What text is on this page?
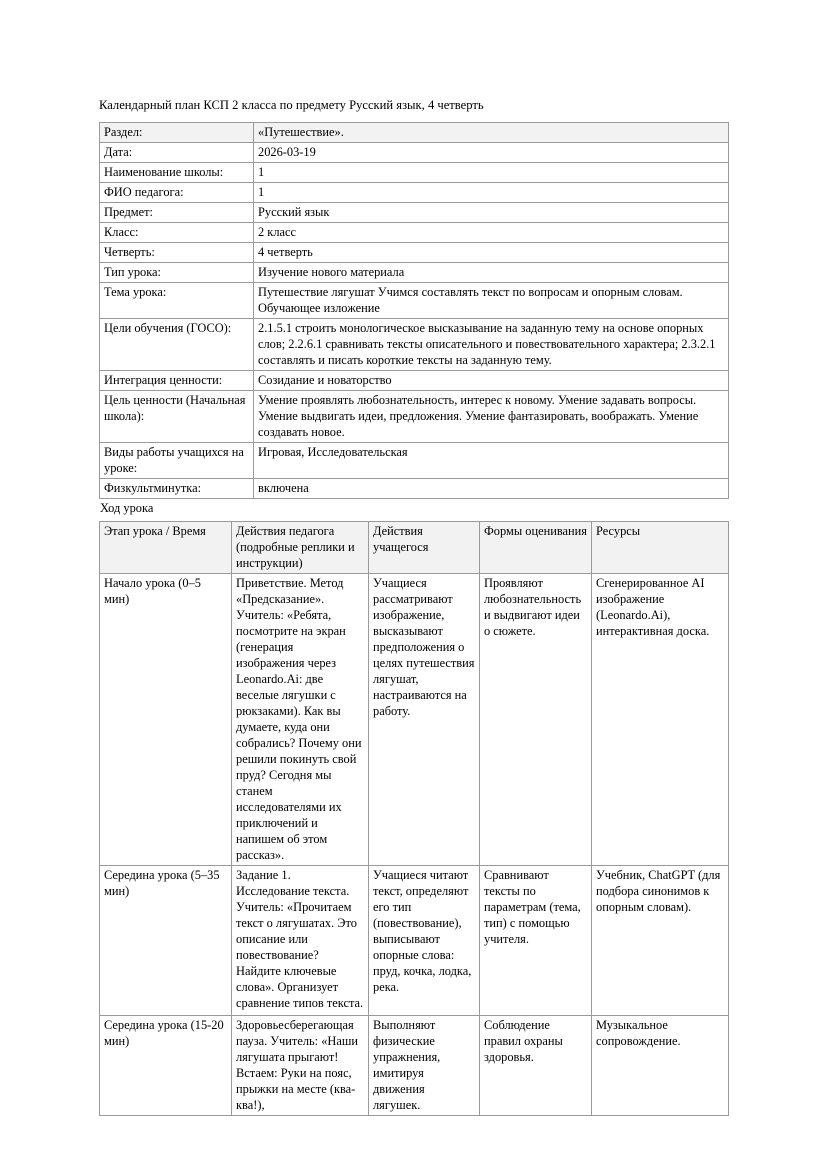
Календарный план КСП 2 класса по предмету Русский язык, 4 четверть

Раздел:	«Путешествие».
Дата:	2026-03-19
Наименование школы:	1
ФИО педагога:	1
Предмет:	Русский язык
Класс:	2 класс
Четверть:	4 четверть
Тип урока:	Изучение нового материала
Тема урока:	Путешествие лягушат Учимся составлять текст по вопросам и опорным словам. Обучающее изложение
Цели обучения (ГОСО):	2.1.5.1 строить монологическое высказывание на заданную тему на основе опорных слов; 2.2.6.1 сравнивать тексты описательного и повествовательного характера; 2.3.2.1 составлять и писать короткие тексты на заданную тему.
Интеграция ценности:	Созидание и новаторство
Цель ценности (Начальная школа):	Умение проявлять любознательность, интерес к новому. Умение задавать вопросы. Умение выдвигать идеи, предложения. Умение фантазировать, воображать. Умение создавать новое.
Виды работы учащихся на уроке:	Игровая, Исследовательская
Физкультминутка:	включена

Ход урока

Этап урока / Время	Действия педагога (подробные реплики и инструкции)	Действия учащегося	Формы оценивания	Ресурсы
Начало урока (0–5 мин)	Приветствие. Метод «Предсказание». Учитель: «Ребята, посмотрите на экран (генерация изображения через Leonardo.Ai: две веселые лягушки с рюкзаками). Как вы думаете, куда они собрались? Почему они решили покинуть свой пруд? Сегодня мы станем исследователями их приключений и напишем об этом рассказ».	Учащиеся рассматривают изображение, высказывают предположения о целях путешествия лягушат, настраиваются на работу.	Проявляют любознательность и выдвигают идеи о сюжете.	Сгенерированное AI изображение (Leonardo.Ai), интерактивная доска.
Середина урока (5–35 мин)	Задание 1. Исследование текста. Учитель: «Прочитаем текст о лягушатах. Это описание или повествование? Найдите ключевые слова». Организует сравнение типов текста.	Учащиеся читают текст, определяют его тип (повествование), выписывают опорные слова: пруд, кочка, лодка, река.	Сравнивают тексты по параметрам (тема, тип) с помощью учителя.	Учебник, ChatGPT (для подбора синонимов к опорным словам).
Середина урока (15-20 мин)	Здоровьесберегающая пауза. Учитель: «Наши лягушата прыгают! Встаем: Руки на пояс, прыжки на месте (ква-ква!),	Выполняют физические упражнения, имитируя движения лягушек.	Соблюдение правил охраны здоровья.	Музыкальное сопровождение.
